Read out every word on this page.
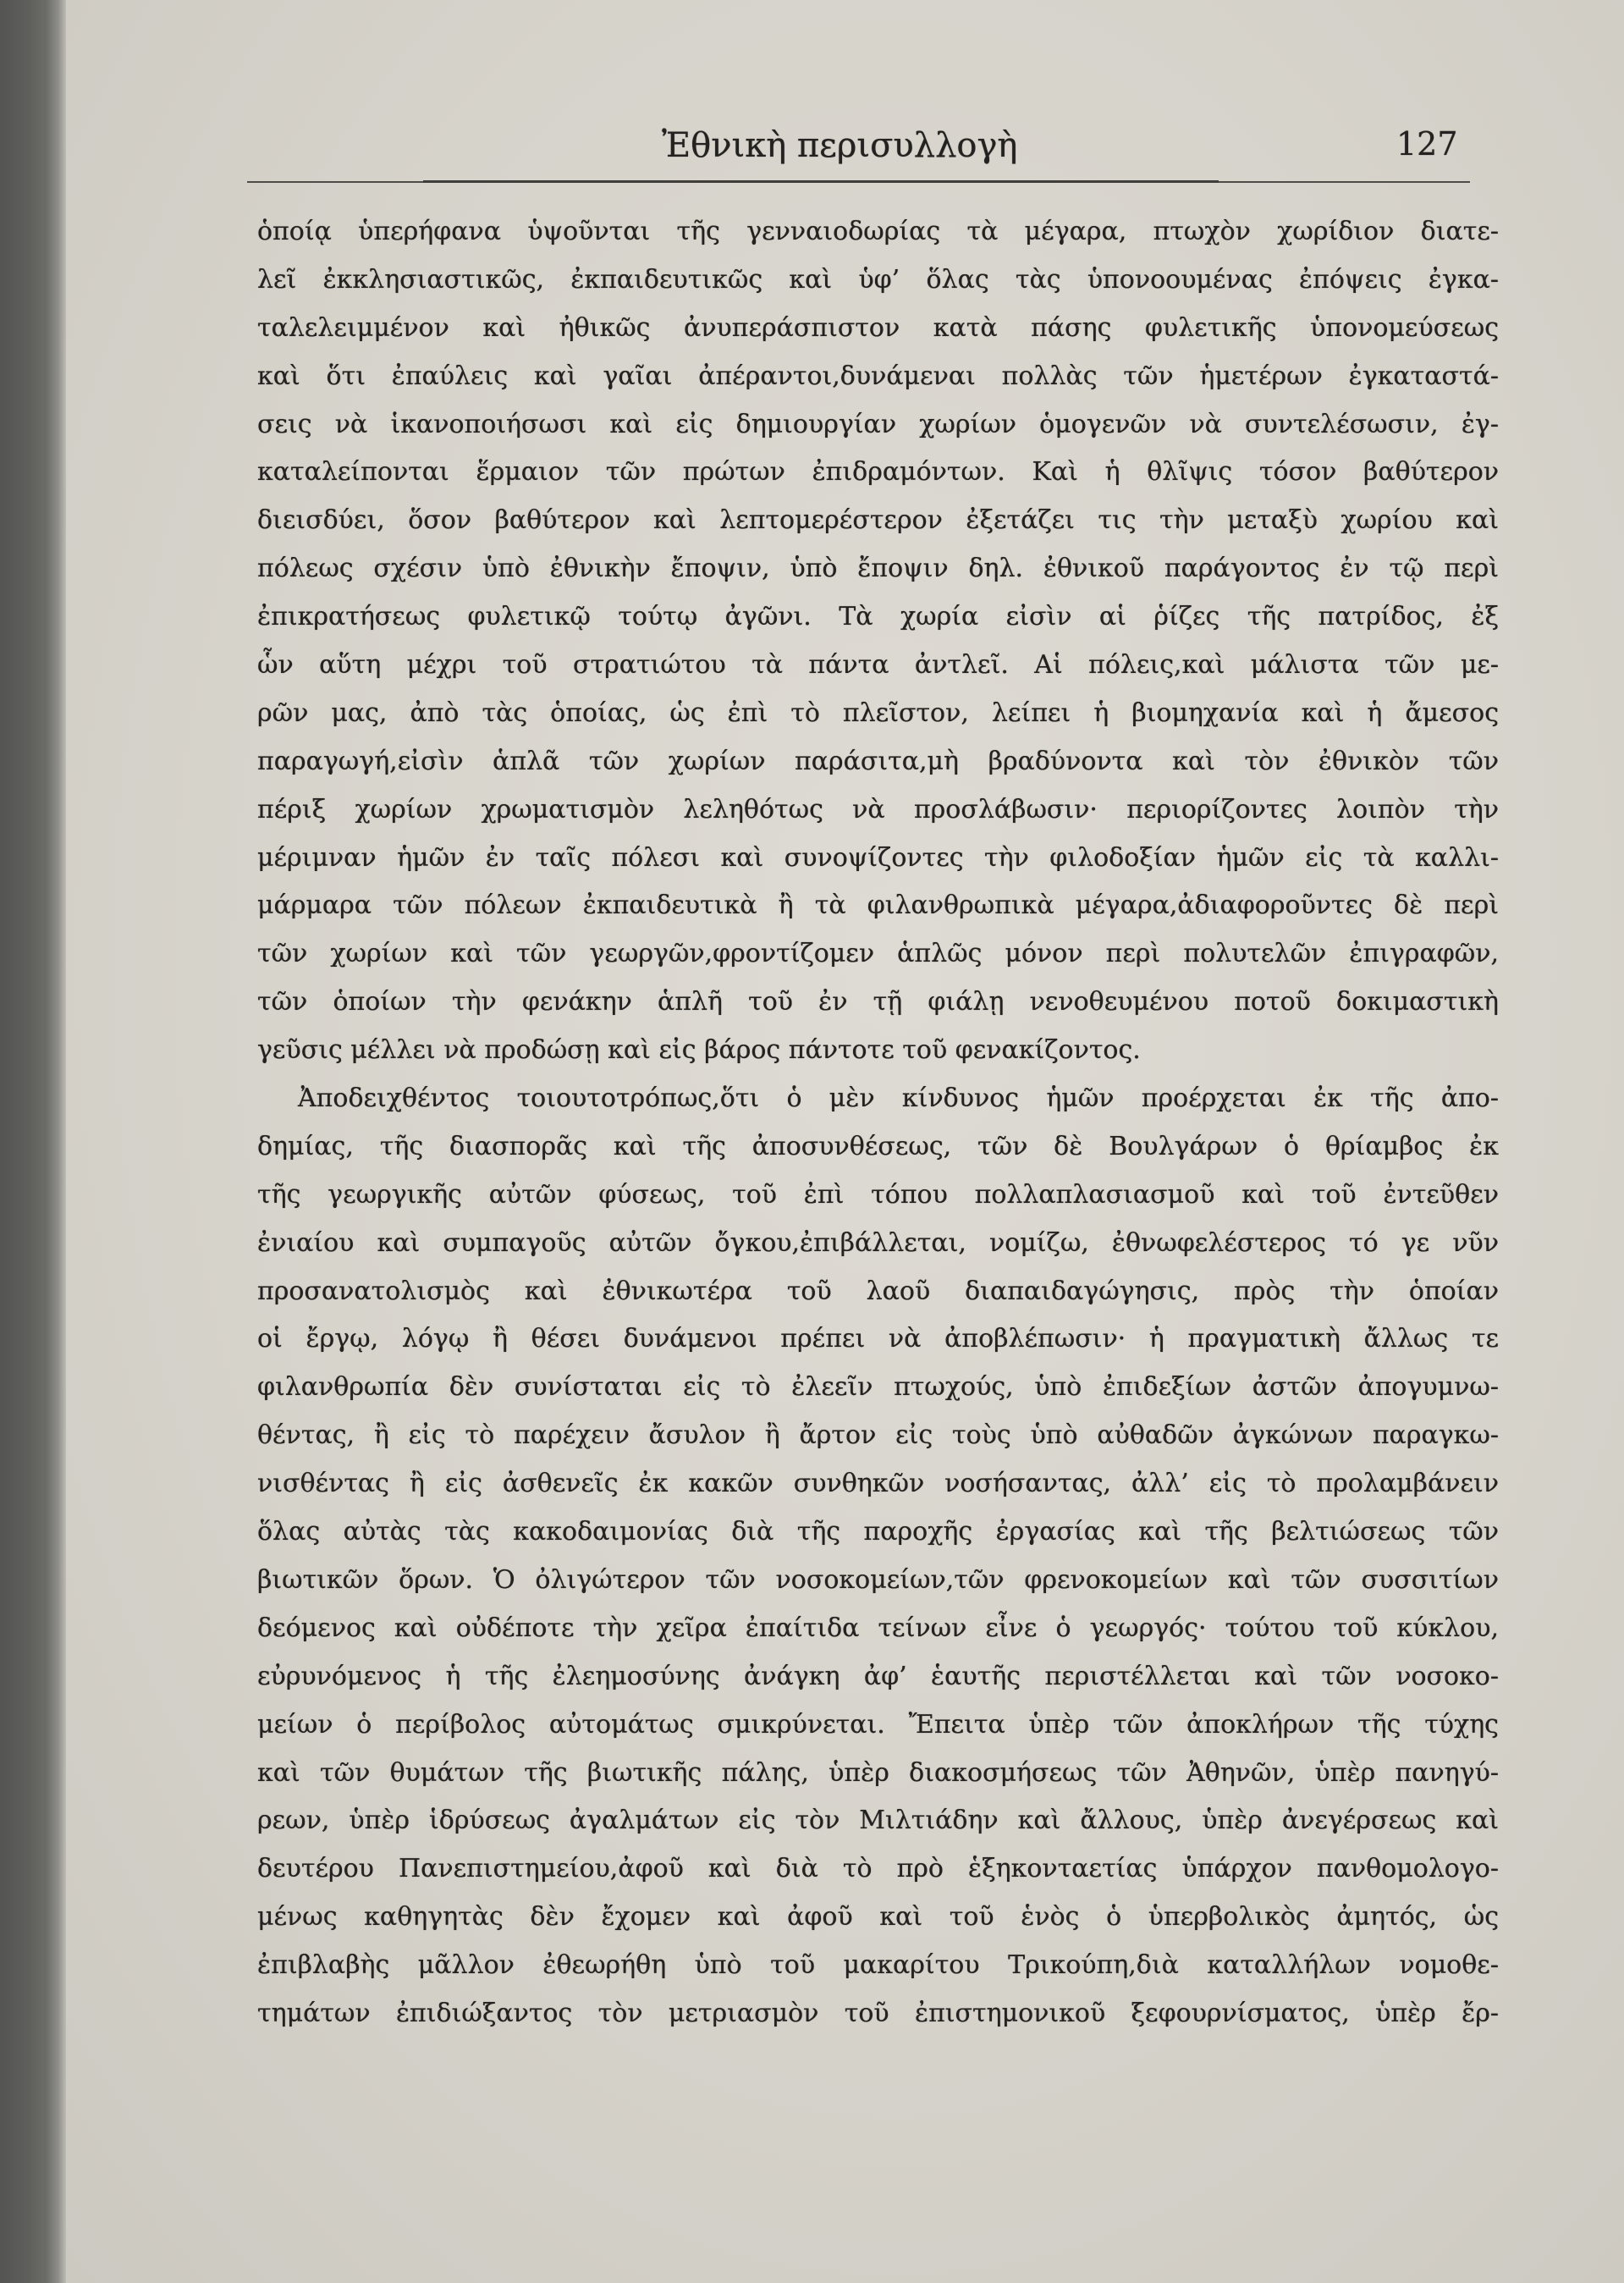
Ἐθνικὴ περισυλλογὴ	127
ὁποίᾳ ὑπερήφανα ὑψοῦνται τῆς γενναιοδωρίας τὰ μέγαρα, πτωχὸν χωρίδιον διατε-
λεῖ ἐκκλησιαστικῶς, ἐκπαιδευτικῶς καὶ ὑφ’ ὅλας τὰς ὑπονοουμένας ἐπόψεις ἐγκα-
ταλελειμμένον καὶ ἠθικῶς ἀνυπεράσπιστον κατὰ πάσης φυλετικῆς ὑπονομεύσεως
καὶ ὅτι ἐπαύλεις καὶ γαῖαι ἀπέραντοι,δυνάμεναι πολλὰς τῶν ἡμετέρων ἐγκαταστά-
σεις νὰ ἱκανοποιήσωσι καὶ εἰς δημιουργίαν χωρίων ὁμογενῶν νὰ συντελέσωσιν, ἐγ-
καταλείπονται ἕρμαιον τῶν πρώτων ἐπιδραμόντων. Καὶ ἡ θλῖψις τόσον βαθύτερον
διεισδύει, ὅσον βαθύτερον καὶ λεπτομερέστερον ἐξετάζει τις τὴν μεταξὺ χωρίου καὶ
πόλεως σχέσιν ὑπὸ ἐθνικὴν ἔποψιν, ὑπὸ ἔποψιν δηλ. ἐθνικοῦ παράγοντος ἐν τῷ περὶ
ἐπικρατήσεως φυλετικῷ τούτῳ ἀγῶνι. Τὰ χωρία εἰσὶν αἱ ῥίζες τῆς πατρίδος, ἐξ
ὧν αὕτη μέχρι τοῦ στρατιώτου τὰ πάντα ἀντλεῖ. Αἱ πόλεις,καὶ μάλιστα τῶν με-
ρῶν μας, ἀπὸ τὰς ὁποίας, ὡς ἐπὶ τὸ πλεῖστον, λείπει ἡ βιομηχανία καὶ ἡ ἄμεσος
παραγωγή,εἰσὶν ἁπλᾶ τῶν χωρίων παράσιτα,μὴ βραδύνοντα καὶ τὸν ἐθνικὸν τῶν
πέριξ χωρίων χρωματισμὸν λεληθότως νὰ προσλάβωσιν· περιορίζοντες λοιπὸν τὴν
μέριμναν ἡμῶν ἐν ταῖς πόλεσι καὶ συνοψίζοντες τὴν φιλοδοξίαν ἡμῶν εἰς τὰ καλλι-
μάρμαρα τῶν πόλεων ἐκπαιδευτικὰ ἢ τὰ φιλανθρωπικὰ μέγαρα,ἀδιαφοροῦντες δὲ περὶ
τῶν χωρίων καὶ τῶν γεωργῶν,φροντίζομεν ἁπλῶς μόνον περὶ πολυτελῶν ἐπιγραφῶν,
τῶν ὁποίων τὴν φενάκην ἁπλῆ τοῦ ἐν τῇ φιάλῃ νενοθευμένου ποτοῦ δοκιμαστικὴ
γεῦσις μέλλει νὰ προδώσῃ καὶ εἰς βάρος πάντοτε τοῦ φενακίζοντος.
Ἀποδειχθέντος τοιουτοτρόπως,ὅτι ὁ μὲν κίνδυνος ἡμῶν προέρχεται ἐκ τῆς ἀπο-
δημίας, τῆς διασπορᾶς καὶ τῆς ἀποσυνθέσεως, τῶν δὲ Βουλγάρων ὁ θρίαμβος ἐκ
τῆς γεωργικῆς αὐτῶν φύσεως, τοῦ ἐπὶ τόπου πολλαπλασιασμοῦ καὶ τοῦ ἐντεῦθεν
ἐνιαίου καὶ συμπαγοῦς αὐτῶν ὄγκου,ἐπιβάλλεται, νομίζω, ἐθνωφελέστερος τό γε νῦν
προσανατολισμὸς καὶ ἐθνικωτέρα τοῦ λαοῦ διαπαιδαγώγησις, πρὸς τὴν ὁποίαν
οἱ ἔργῳ, λόγῳ ἢ θέσει δυνάμενοι πρέπει νὰ ἀποβλέπωσιν· ἡ πραγματικὴ ἄλλως τε
φιλανθρωπία δὲν συνίσταται εἰς τὸ ἐλεεῖν πτωχούς, ὑπὸ ἐπιδεξίων ἀστῶν ἀπογυμνω-
θέντας, ἢ εἰς τὸ παρέχειν ἄσυλον ἢ ἄρτον εἰς τοὺς ὑπὸ αὐθαδῶν ἀγκώνων παραγκω-
νισθέντας ἢ εἰς ἀσθενεῖς ἐκ κακῶν συνθηκῶν νοσήσαντας, ἀλλ’ εἰς τὸ προλαμβάνειν
ὅλας αὐτὰς τὰς κακοδαιμονίας διὰ τῆς παροχῆς ἐργασίας καὶ τῆς βελτιώσεως τῶν
βιωτικῶν ὅρων. Ὁ ὀλιγώτερον τῶν νοσοκομείων,τῶν φρενοκομείων καὶ τῶν συσσιτίων
δεόμενος καὶ οὐδέποτε τὴν χεῖρα ἐπαίτιδα τείνων εἶνε ὁ γεωργός· τούτου τοῦ κύκλου,
εὐρυνόμενος ἡ τῆς ἐλεημοσύνης ἀνάγκη ἀφ’ ἑαυτῆς περιστέλλεται καὶ τῶν νοσοκο-
μείων ὁ περίβολος αὐτομάτως σμικρύνεται. Ἔπειτα ὑπὲρ τῶν ἀποκλήρων τῆς τύχης
καὶ τῶν θυμάτων τῆς βιωτικῆς πάλης, ὑπὲρ διακοσμήσεως τῶν Ἀθηνῶν, ὑπὲρ πανηγύ-
ρεων, ὑπὲρ ἱδρύσεως ἀγαλμάτων εἰς τὸν Μιλτιάδην καὶ ἄλλους, ὑπὲρ ἀνεγέρσεως καὶ
δευτέρου Πανεπιστημείου,ἀφοῦ καὶ διὰ τὸ πρὸ ἑξηκονταετίας ὑπάρχον πανθομολογο-
μένως καθηγητὰς δὲν ἔχομεν καὶ ἀφοῦ καὶ τοῦ ἑνὸς ὁ ὑπερβολικὸς ἀμητός, ὡς
ἐπιβλαβὴς μᾶλλον ἐθεωρήθη ὑπὸ τοῦ μακαρίτου Τρικούπη,διὰ καταλλήλων νομοθε-
τημάτων ἐπιδιώξαντος τὸν μετριασμὸν τοῦ ἐπιστημονικοῦ ξεφουρνίσματος, ὑπὲρ ἔρ-
